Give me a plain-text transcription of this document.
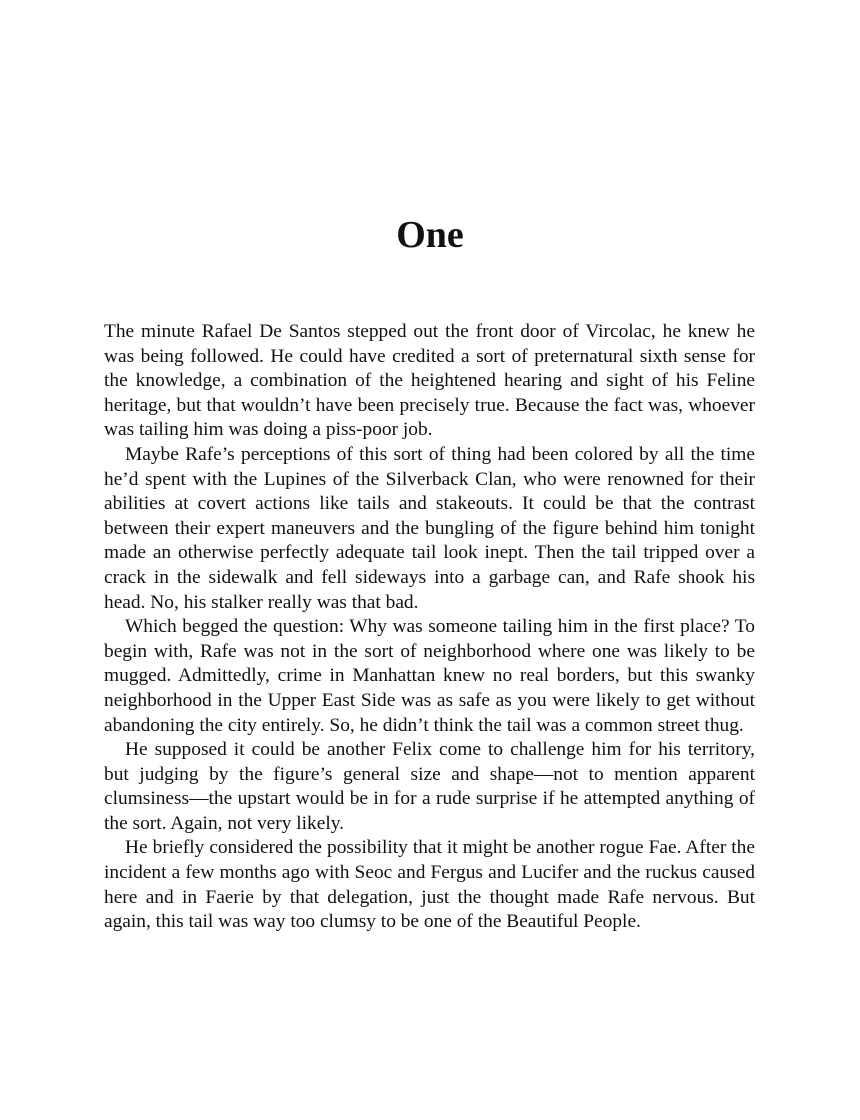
One

The minute Rafael De Santos stepped out the front door of Vircolac, he knew he was being followed. He could have credited a sort of preternatural sixth sense for the knowledge, a combination of the heightened hearing and sight of his Feline heritage, but that wouldn’t have been precisely true. Because the fact was, whoever was tailing him was doing a piss-poor job.

Maybe Rafe’s perceptions of this sort of thing had been colored by all the time he’d spent with the Lupines of the Silverback Clan, who were renowned for their abilities at covert actions like tails and stakeouts. It could be that the contrast between their expert maneuvers and the bungling of the figure behind him tonight made an otherwise perfectly adequate tail look inept. Then the tail tripped over a crack in the sidewalk and fell sideways into a garbage can, and Rafe shook his head. No, his stalker really was that bad.

Which begged the question: Why was someone tailing him in the first place? To begin with, Rafe was not in the sort of neighborhood where one was likely to be mugged. Admittedly, crime in Manhattan knew no real borders, but this swanky neighborhood in the Upper East Side was as safe as you were likely to get without abandoning the city entirely. So, he didn’t think the tail was a common street thug.

He supposed it could be another Felix come to challenge him for his territory, but judging by the figure’s general size and shape—not to mention apparent clumsiness—the upstart would be in for a rude surprise if he attempted anything of the sort. Again, not very likely.

He briefly considered the possibility that it might be another rogue Fae. After the incident a few months ago with Seoc and Fergus and Lucifer and the ruckus caused here and in Faerie by that delegation, just the thought made Rafe nervous. But again, this tail was way too clumsy to be one of the Beautiful People.
